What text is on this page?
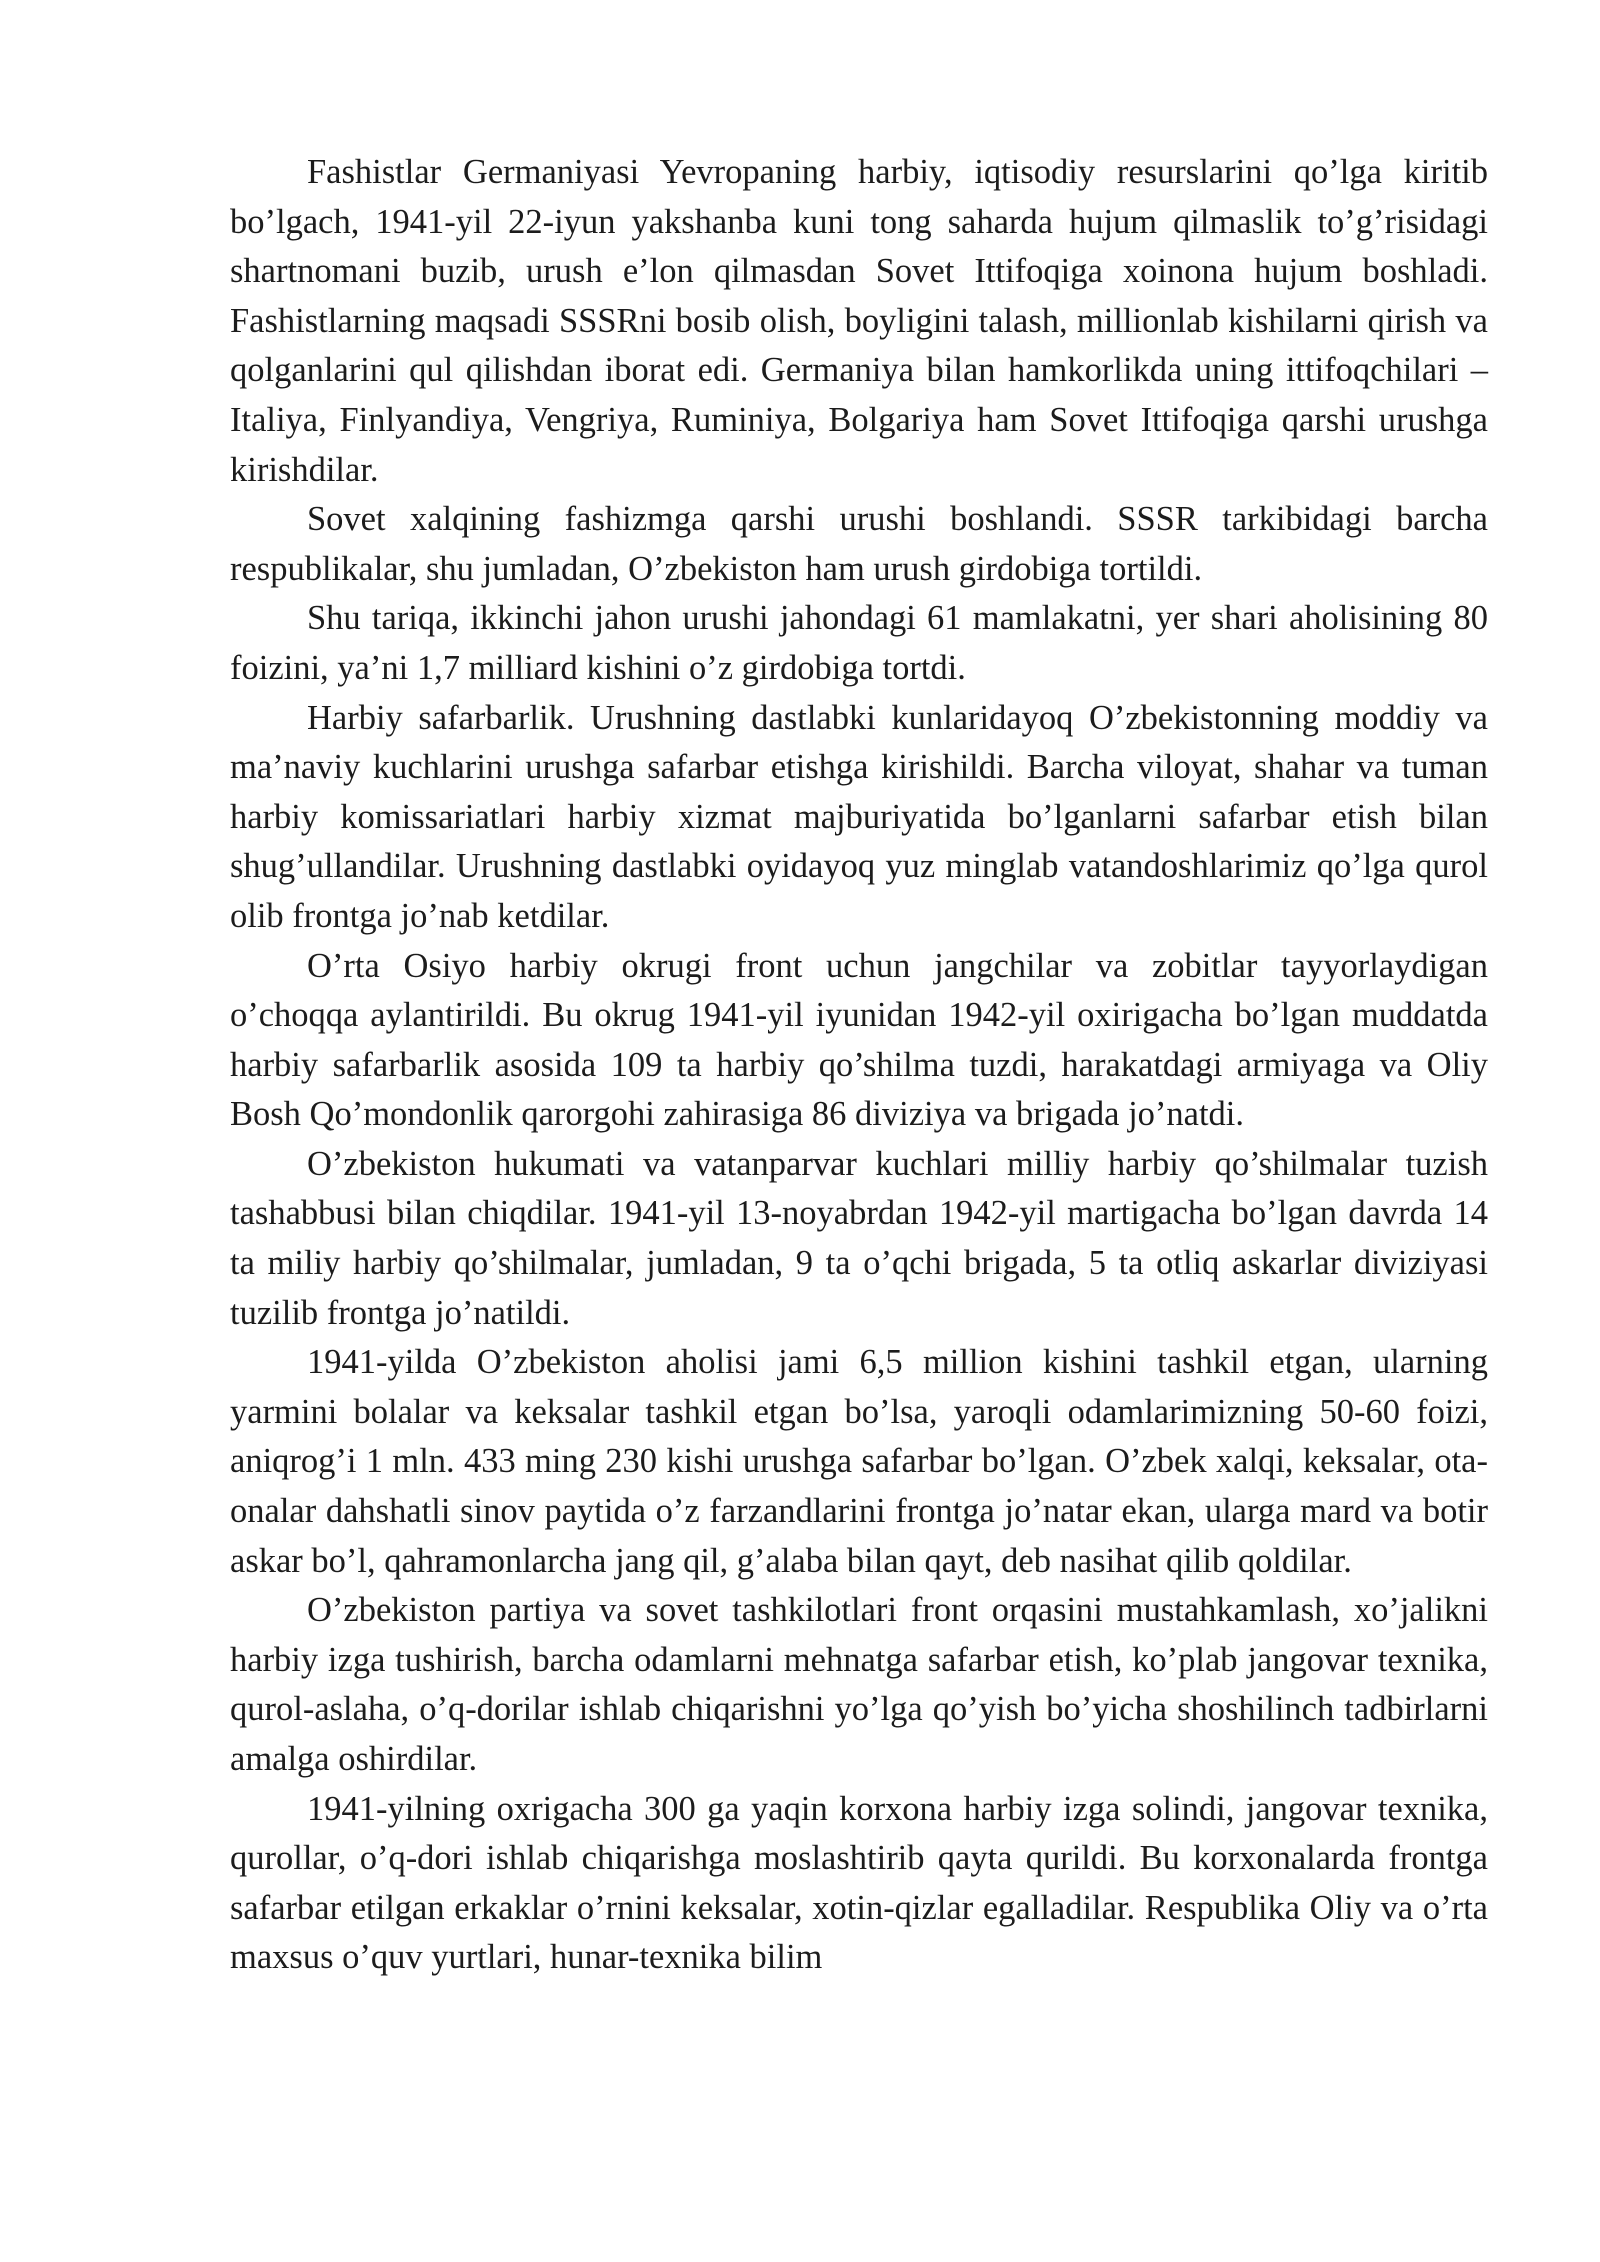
Fashistlar Germaniyasi Yevropaning harbiy, iqtisodiy resurslarini qo’lga kiritib bo’lgach, 1941-yil 22-iyun yakshanba kuni tong saharda hujum qilmaslik to’g’risidagi shartnomani buzib, urush e’lon qilmasdan Sovet Ittifoqiga xoinona hujum boshladi. Fashistlarning maqsadi SSSRni bosib olish, boyligini talash, millionlab kishilarni qirish va qolganlarini qul qilishdan iborat edi. Germaniya bilan hamkorlikda uning ittifoqchilari – Italiya, Finlyandiya, Vengriya, Ruminiya, Bolgariya ham Sovet Ittifoqiga qarshi urushga kirishdilar.

Sovet xalqining fashizmga qarshi urushi boshlandi. SSSR tarkibidagi barcha respublikalar, shu jumladan, O’zbekiston ham urush girdobiga tortildi.

Shu tariqa, ikkinchi jahon urushi jahondagi 61 mamlakatni, yer shari aholisining 80 foizini, ya’ni 1,7 milliard kishini o’z girdobiga tortdi.

Harbiy safarbarlik. Urushning dastlabki kunlaridayoq O’zbekistonning moddiy va ma’naviy kuchlarini urushga safarbar etishga kirishildi. Barcha viloyat, shahar va tuman harbiy komissariatlari harbiy xizmat majburiyatida bo’lganlarni safarbar etish bilan shug’ullandilar. Urushning dastlabki oyidayoq yuz minglab vatandoshlarimiz qo’lga qurol olib frontga jo’nab ketdilar.

O’rta Osiyo harbiy okrugi front uchun jangchilar va zobitlar tayyorlaydigan o’choqqa aylantirildi. Bu okrug 1941-yil iyunidan 1942-yil oxirigacha bo’lgan muddatda harbiy safarbarlik asosida 109 ta harbiy qo’shilma tuzdi, harakatdagi armiyaga va Oliy Bosh Qo’mondonlik qarorgohi zahirasiga 86 diviziya va brigada jo’natdi.

O’zbekiston hukumati va vatanparvar kuchlari milliy harbiy qo’shilmalar tuzish tashabbusi bilan chiqdilar. 1941-yil 13-noyabrdan 1942-yil martigacha bo’lgan davrda 14 ta miliy harbiy qo’shilmalar, jumladan, 9 ta o’qchi brigada, 5 ta otliq askarlar diviziyasi tuzilib frontga jo’natildi.

1941-yilda O’zbekiston aholisi jami 6,5 million kishini tashkil etgan, ularning yarmini bolalar va keksalar tashkil etgan bo’lsa, yaroqli odamlarimizning 50-60 foizi, aniqrog’i 1 mln. 433 ming 230 kishi urushga safarbar bo’lgan. O’zbek xalqi, keksalar, ota-onalar dahshatli sinov paytida o’z farzandlarini frontga jo’natar ekan, ularga mard va botir askar bo’l, qahramonlarcha jang qil, g’alaba bilan qayt, deb nasihat qilib qoldilar.

O’zbekiston partiya va sovet tashkilotlari front orqasini mustahkamlash, xo’jalikni harbiy izga tushirish, barcha odamlarni mehnatga safarbar etish, ko’plab jangovar texnika, qurol-aslaha, o’q-dorilar ishlab chiqarishni yo’lga qo’yish bo’yicha shoshilinch tadbirlarni amalga oshirdilar.

1941-yilning oxrigacha 300 ga yaqin korxona harbiy izga solindi, jangovar texnika, qurollar, o’q-dori ishlab chiqarishga moslashtirib qayta qurildi. Bu korxonalarda frontga safarbar etilgan erkaklar o’rnini keksalar, xotin-qizlar egalladilar. Respublika Oliy va o’rta maxsus o’quv yurtlari, hunar-texnika bilim
